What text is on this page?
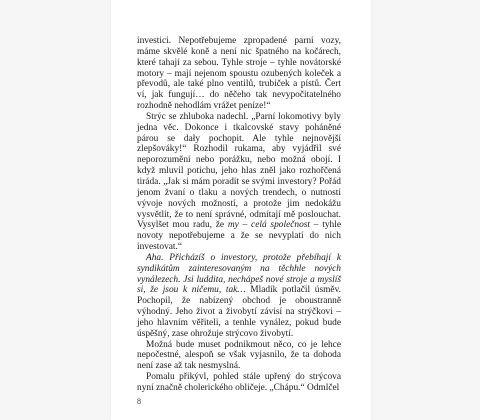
investici. Nepotřebujeme zpropadené parní vozy, máme skvělé koně a není nic špatného na kočárech, které tahají za sebou. Tyhle stroje – tyhle novátorské motory – mají nejenom spoustu ozubených koleček a převodů, ale také plno ventilů, trubiček a pístů. Čert ví, jak fungují… do něčeho tak nevypočitatelného rozhodně nehodlám vrážet peníze!“

Strýc se zhluboka nadechl. „Parní lokomotivy byly jedna věc. Dokonce i tkalcovské stavy poháněné párou se dały pochopit. Ale tyhle nejnovější zlepšováky!“ Rozhodil rukama, aby vyjádřil své neporozumění nebo porážku, nebo možná obojí. I když mluvil potichu, jeho hlas zněl jako rozhořčená tiráda. „Jak si mám poradit se svými investory? Pořád jenom žvaní o tlaku a nových trendech, o nutnosti vývoje nových možností, a protože jim nedokážu vysvětlit, že to není správné, odmítají mě poslouchat. Vysylšet mou radu, že my – celá společnost – tyhle novoty nepotřebujeme a že se nevyplatí do nich investovat.“

Aha. Přicházíš o investory, protože přebíhají k syndikátům zainteresovaným na těchhle nových vynálezech. Jsi luddita, nechápeš nové stroje a myslíš si, že jsou k ničemu, tak… Mladík potlačil úsměv. Pochopil, že nabízený obchod je oboustranně výhodný. Jeho život a živobytí závisí na strýčkovi – jeho hlavním věřiteli, a tenhle vynález, pokud bude úspěšný, zase ohrožuje strýcovo živobytí.

Možná bude muset podnikmout něco, co je lehce nepočestné, alespoň se však vyjasnilo, že ta dohoda není zase až tak nesmyslná.

Pomalu přikývl, pohled stále upřený do strýcova nyní značně cholerického obličeje. „Chápu.“ Odmlčel

8
